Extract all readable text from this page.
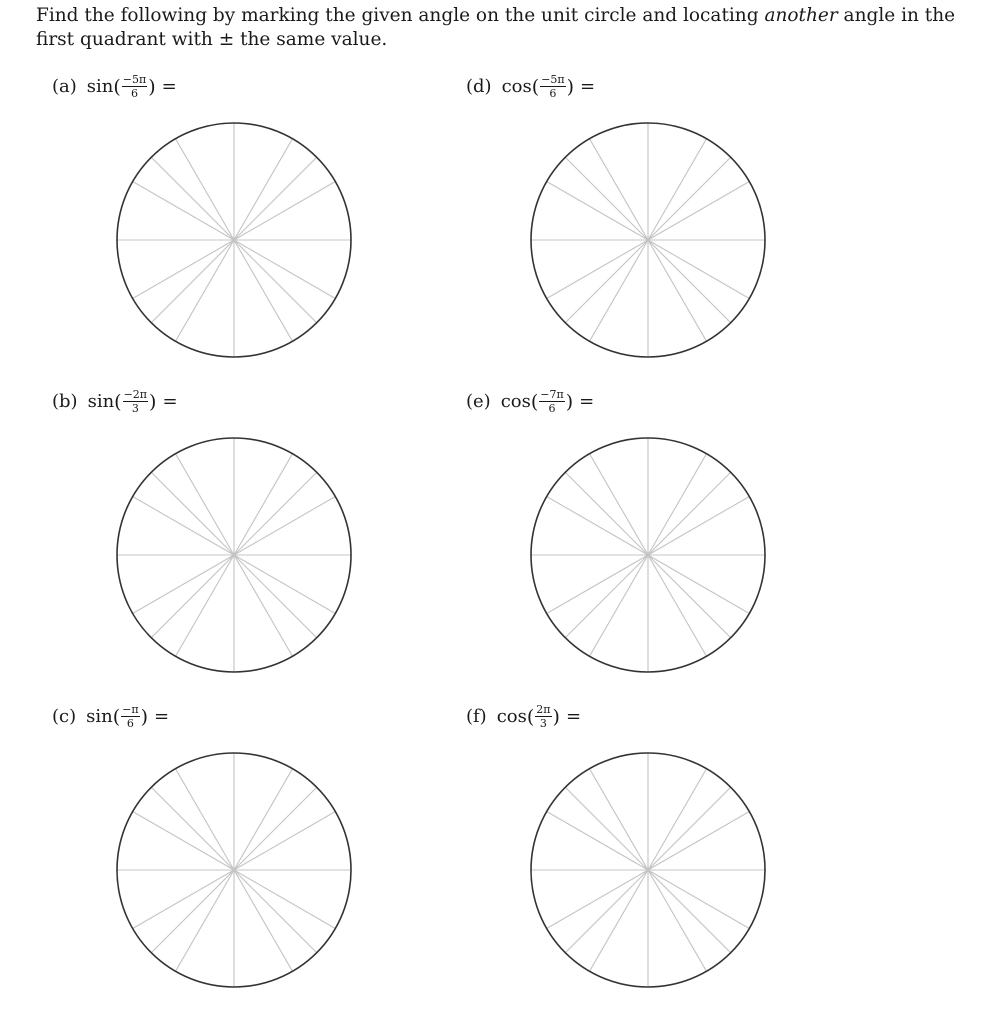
Find the following by marking the given angle on the unit circle and locating another angle in the first quadrant with ± the same value.
(a) sin ( $\frac{-5\pi}{6}$ ) =
(b) sin ( $\frac{-2\pi}{3}$ ) =
(c) sin ( $\frac{-\pi}{6}$ ) =
(d) cos ( $\frac{-5\pi}{6}$ ) =
(e) cos ( $\frac{-7\pi}{6}$ ) =
(f) cos ( $\frac{2\pi}{3}$ ) =
